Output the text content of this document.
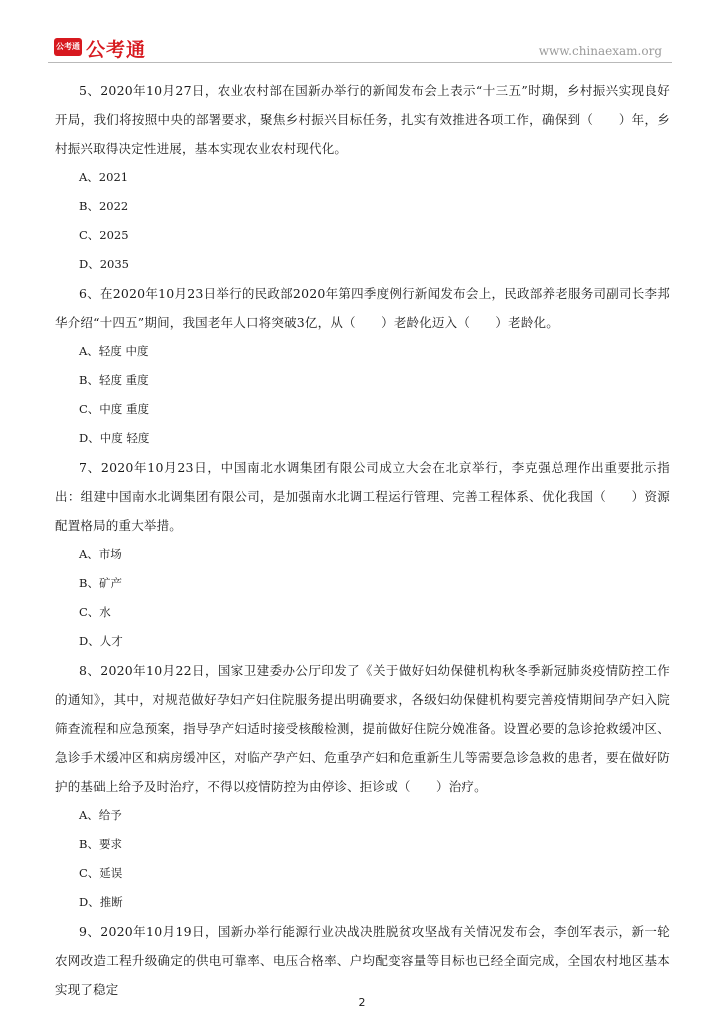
公考通 公考通	www.chinaexam.org

5、2020年10月27日，农业农村部在国新办举行的新闻发布会上表示“十三五”时期，乡村振兴实现良好开局，我们将按照中央的部署要求，聚焦乡村振兴目标任务，扎实有效推进各项工作，确保到（　　）年，乡村振兴取得决定性进展，基本实现农业农村现代化。

A、2021

B、2022

C、2025

D、2035

6、在2020年10月23日举行的民政部2020年第四季度例行新闻发布会上，民政部养老服务司副司长李邦华介绍“十四五”期间，我国老年人口将突破3亿，从（　　）老龄化迈入（　　）老龄化。

A、轻度 中度

B、轻度 重度

C、中度 重度

D、中度 轻度

7、2020年10月23日，中国南北水调集团有限公司成立大会在北京举行，李克强总理作出重要批示指出：组建中国南水北调集团有限公司，是加强南水北调工程运行管理、完善工程体系、优化我国（　　）资源配置格局的重大举措。

A、市场

B、矿产

C、水

D、人才

8、2020年10月22日，国家卫建委办公厅印发了《关于做好妇幼保健机构秋冬季新冠肺炎疫情防控工作的通知》，其中，对规范做好孕妇产妇住院服务提出明确要求，各级妇幼保健机构要完善疫情期间孕产妇入院筛查流程和应急预案，指导孕产妇适时接受核酸检测，提前做好住院分娩准备。设置必要的急诊抢救缓冲区、急诊手术缓冲区和病房缓冲区，对临产孕产妇、危重孕产妇和危重新生儿等需要急诊急救的患者，要在做好防护的基础上给予及时治疗，不得以疫情防控为由停诊、拒诊或（　　）治疗。

A、给予

B、要求

C、延误

D、推断

9、2020年10月19日，国新办举行能源行业决战决胜脱贫攻坚战有关情况发布会，李创军表示，新一轮农网改造工程升级确定的供电可靠率、电压合格率、户均配变容量等目标也已经全面完成，全国农村地区基本实现了稳定

2
